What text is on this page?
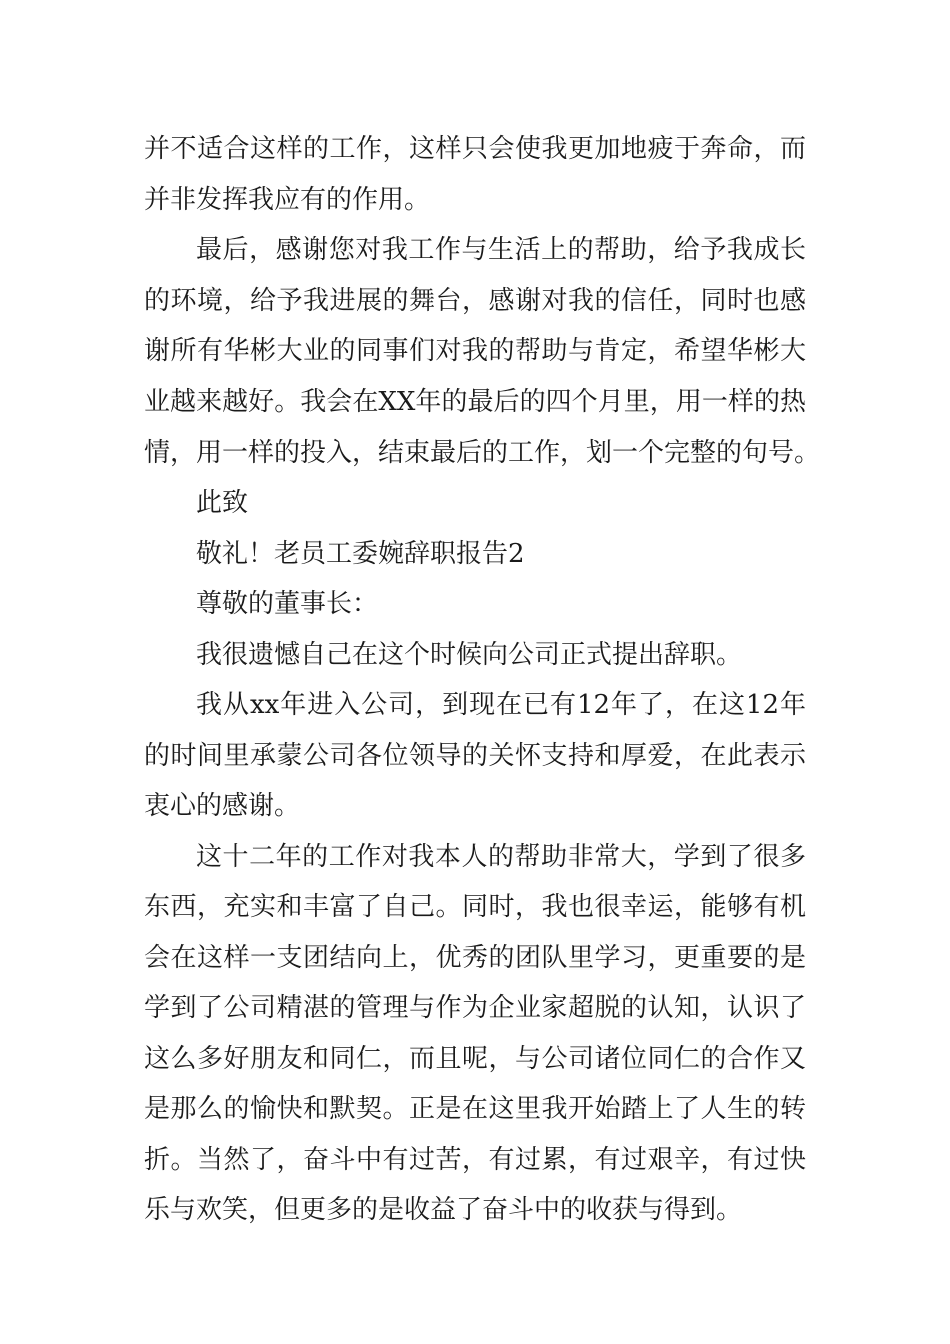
并不适合这样的工作，这样只会使我更加地疲于奔命，而
并非发挥我应有的作用。
最后，感谢您对我工作与生活上的帮助，给予我成长
的环境，给予我进展的舞台，感谢对我的信任，同时也感
谢所有华彬大业的同事们对我的帮助与肯定，希望华彬大
业越来越好。我会在XX年的最后的四个月里，用一样的热
情，用一样的投入，结束最后的工作，划一个完整的句号。
此致
敬礼！老员工委婉辞职报告2
尊敬的董事长：
我很遗憾自己在这个时候向公司正式提出辞职。
我从xx年进入公司，到现在已有12年了，在这12年
的时间里承蒙公司各位领导的关怀支持和厚爱，在此表示
衷心的感谢。
这十二年的工作对我本人的帮助非常大，学到了很多
东西，充实和丰富了自己。同时，我也很幸运，能够有机
会在这样一支团结向上，优秀的团队里学习，更重要的是
学到了公司精湛的管理与作为企业家超脱的认知，认识了
这么多好朋友和同仁，而且呢，与公司诸位同仁的合作又
是那么的愉快和默契。正是在这里我开始踏上了人生的转
折。当然了，奋斗中有过苦，有过累，有过艰辛，有过快
乐与欢笑，但更多的是收益了奋斗中的收获与得到。
